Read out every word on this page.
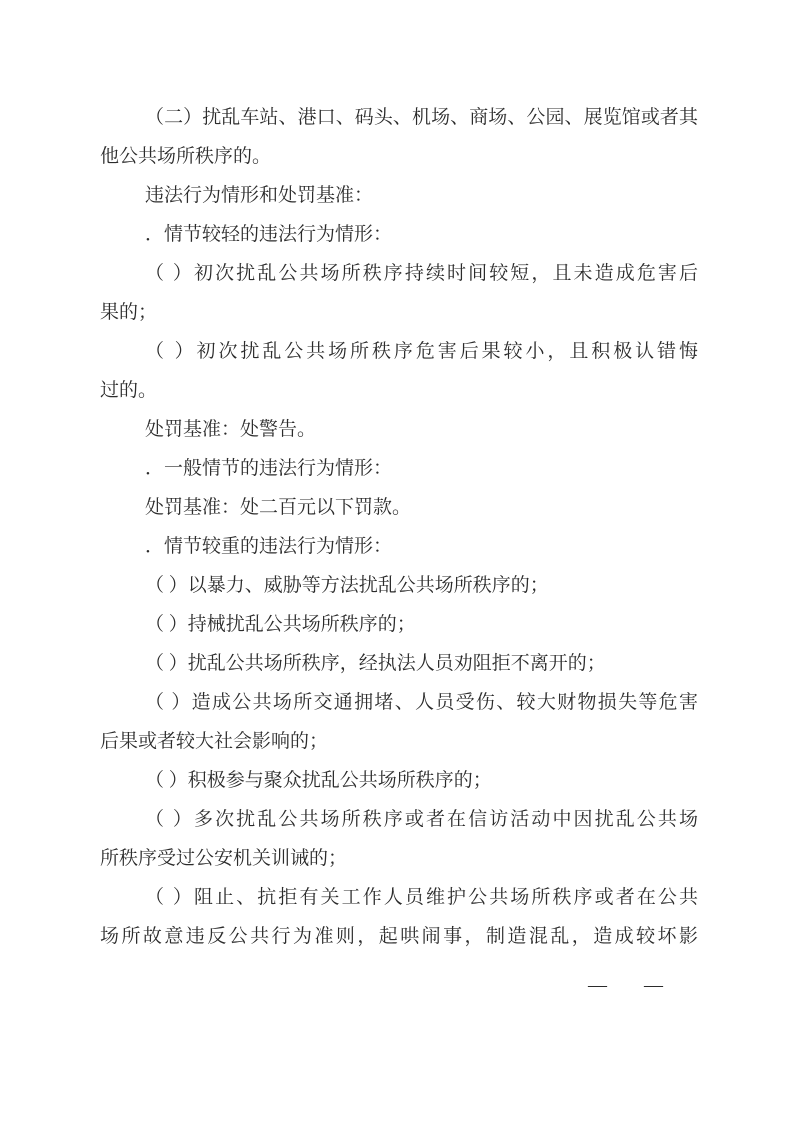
（二）扰乱车站、港口、码头、机场、商场、公园、展览馆或者其
他公共场所秩序的。
违法行为情形和处罚基准：
．情节较轻的违法行为情形：
（ ）初次扰乱公共场所秩序持续时间较短，且未造成危害后
果的；
（ ）初次扰乱公共场所秩序危害后果较小，且积极认错悔
过的。
处罚基准：处警告。
．一般情节的违法行为情形：
处罚基准：处二百元以下罚款。
．情节较重的违法行为情形：
（ ）以暴力、威胁等方法扰乱公共场所秩序的；
（ ）持械扰乱公共场所秩序的；
（ ）扰乱公共场所秩序，经执法人员劝阻拒不离开的；
（ ）造成公共场所交通拥堵、人员受伤、较大财物损失等危害
后果或者较大社会影响的；
（ ）积极参与聚众扰乱公共场所秩序的；
（ ）多次扰乱公共场所秩序或者在信访活动中因扰乱公共场
所秩序受过公安机关训诫的；
（ ）阻止、抗拒有关工作人员维护公共场所秩序或者在公共
场所故意违反公共行为准则，起哄闹事，制造混乱，造成较坏影
— —
